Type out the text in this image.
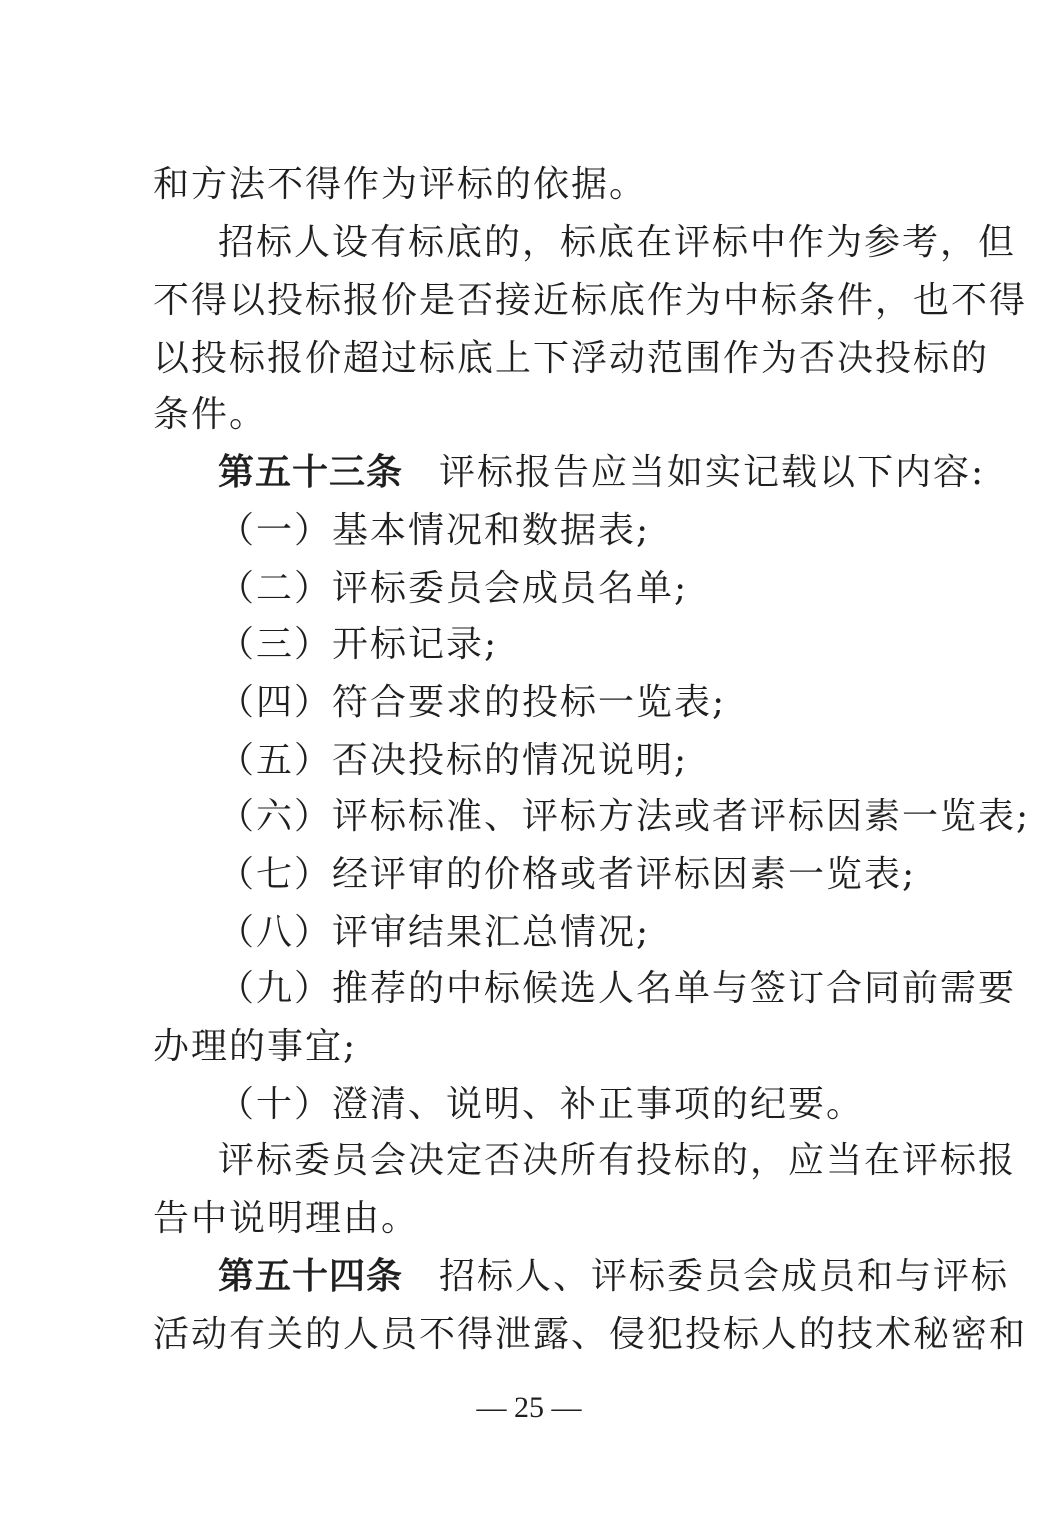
和方法不得作为评标的依据。
招标人设有标底的，标底在评标中作为参考，但
不得以投标报价是否接近标底作为中标条件，也不得
以投标报价超过标底上下浮动范围作为否决投标的
条件。
第五十三条 评标报告应当如实记载以下内容:
（一）基本情况和数据表;
（二）评标委员会成员名单;
（三）开标记录;
（四）符合要求的投标一览表;
（五）否决投标的情况说明;
（六）评标标准、评标方法或者评标因素一览表;
（七）经评审的价格或者评标因素一览表;
（八）评审结果汇总情况;
（九）推荐的中标候选人名单与签订合同前需要
办理的事宜;
（十）澄清、说明、补正事项的纪要。
评标委员会决定否决所有投标的，应当在评标报
告中说明理由。
第五十四条 招标人、评标委员会成员和与评标
活动有关的人员不得泄露、侵犯投标人的技术秘密和
— 25 —
